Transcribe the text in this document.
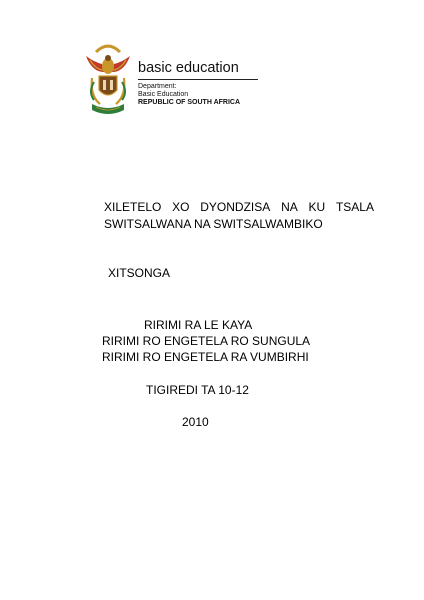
basic education
Department:
Basic Education
REPUBLIC OF SOUTH AFRICA
XILETELO XO DYONDZISA NA KU TSALA
SWITSALWANA NA SWITSALWAMBIKO
XITSONGA
RIRIMI RA LE KAYA
RIRIMI RO ENGETELA RO SUNGULA
RIRIMI RO ENGETELA RA VUMBIRHI
TIGIREDI TA 10-12
2010
